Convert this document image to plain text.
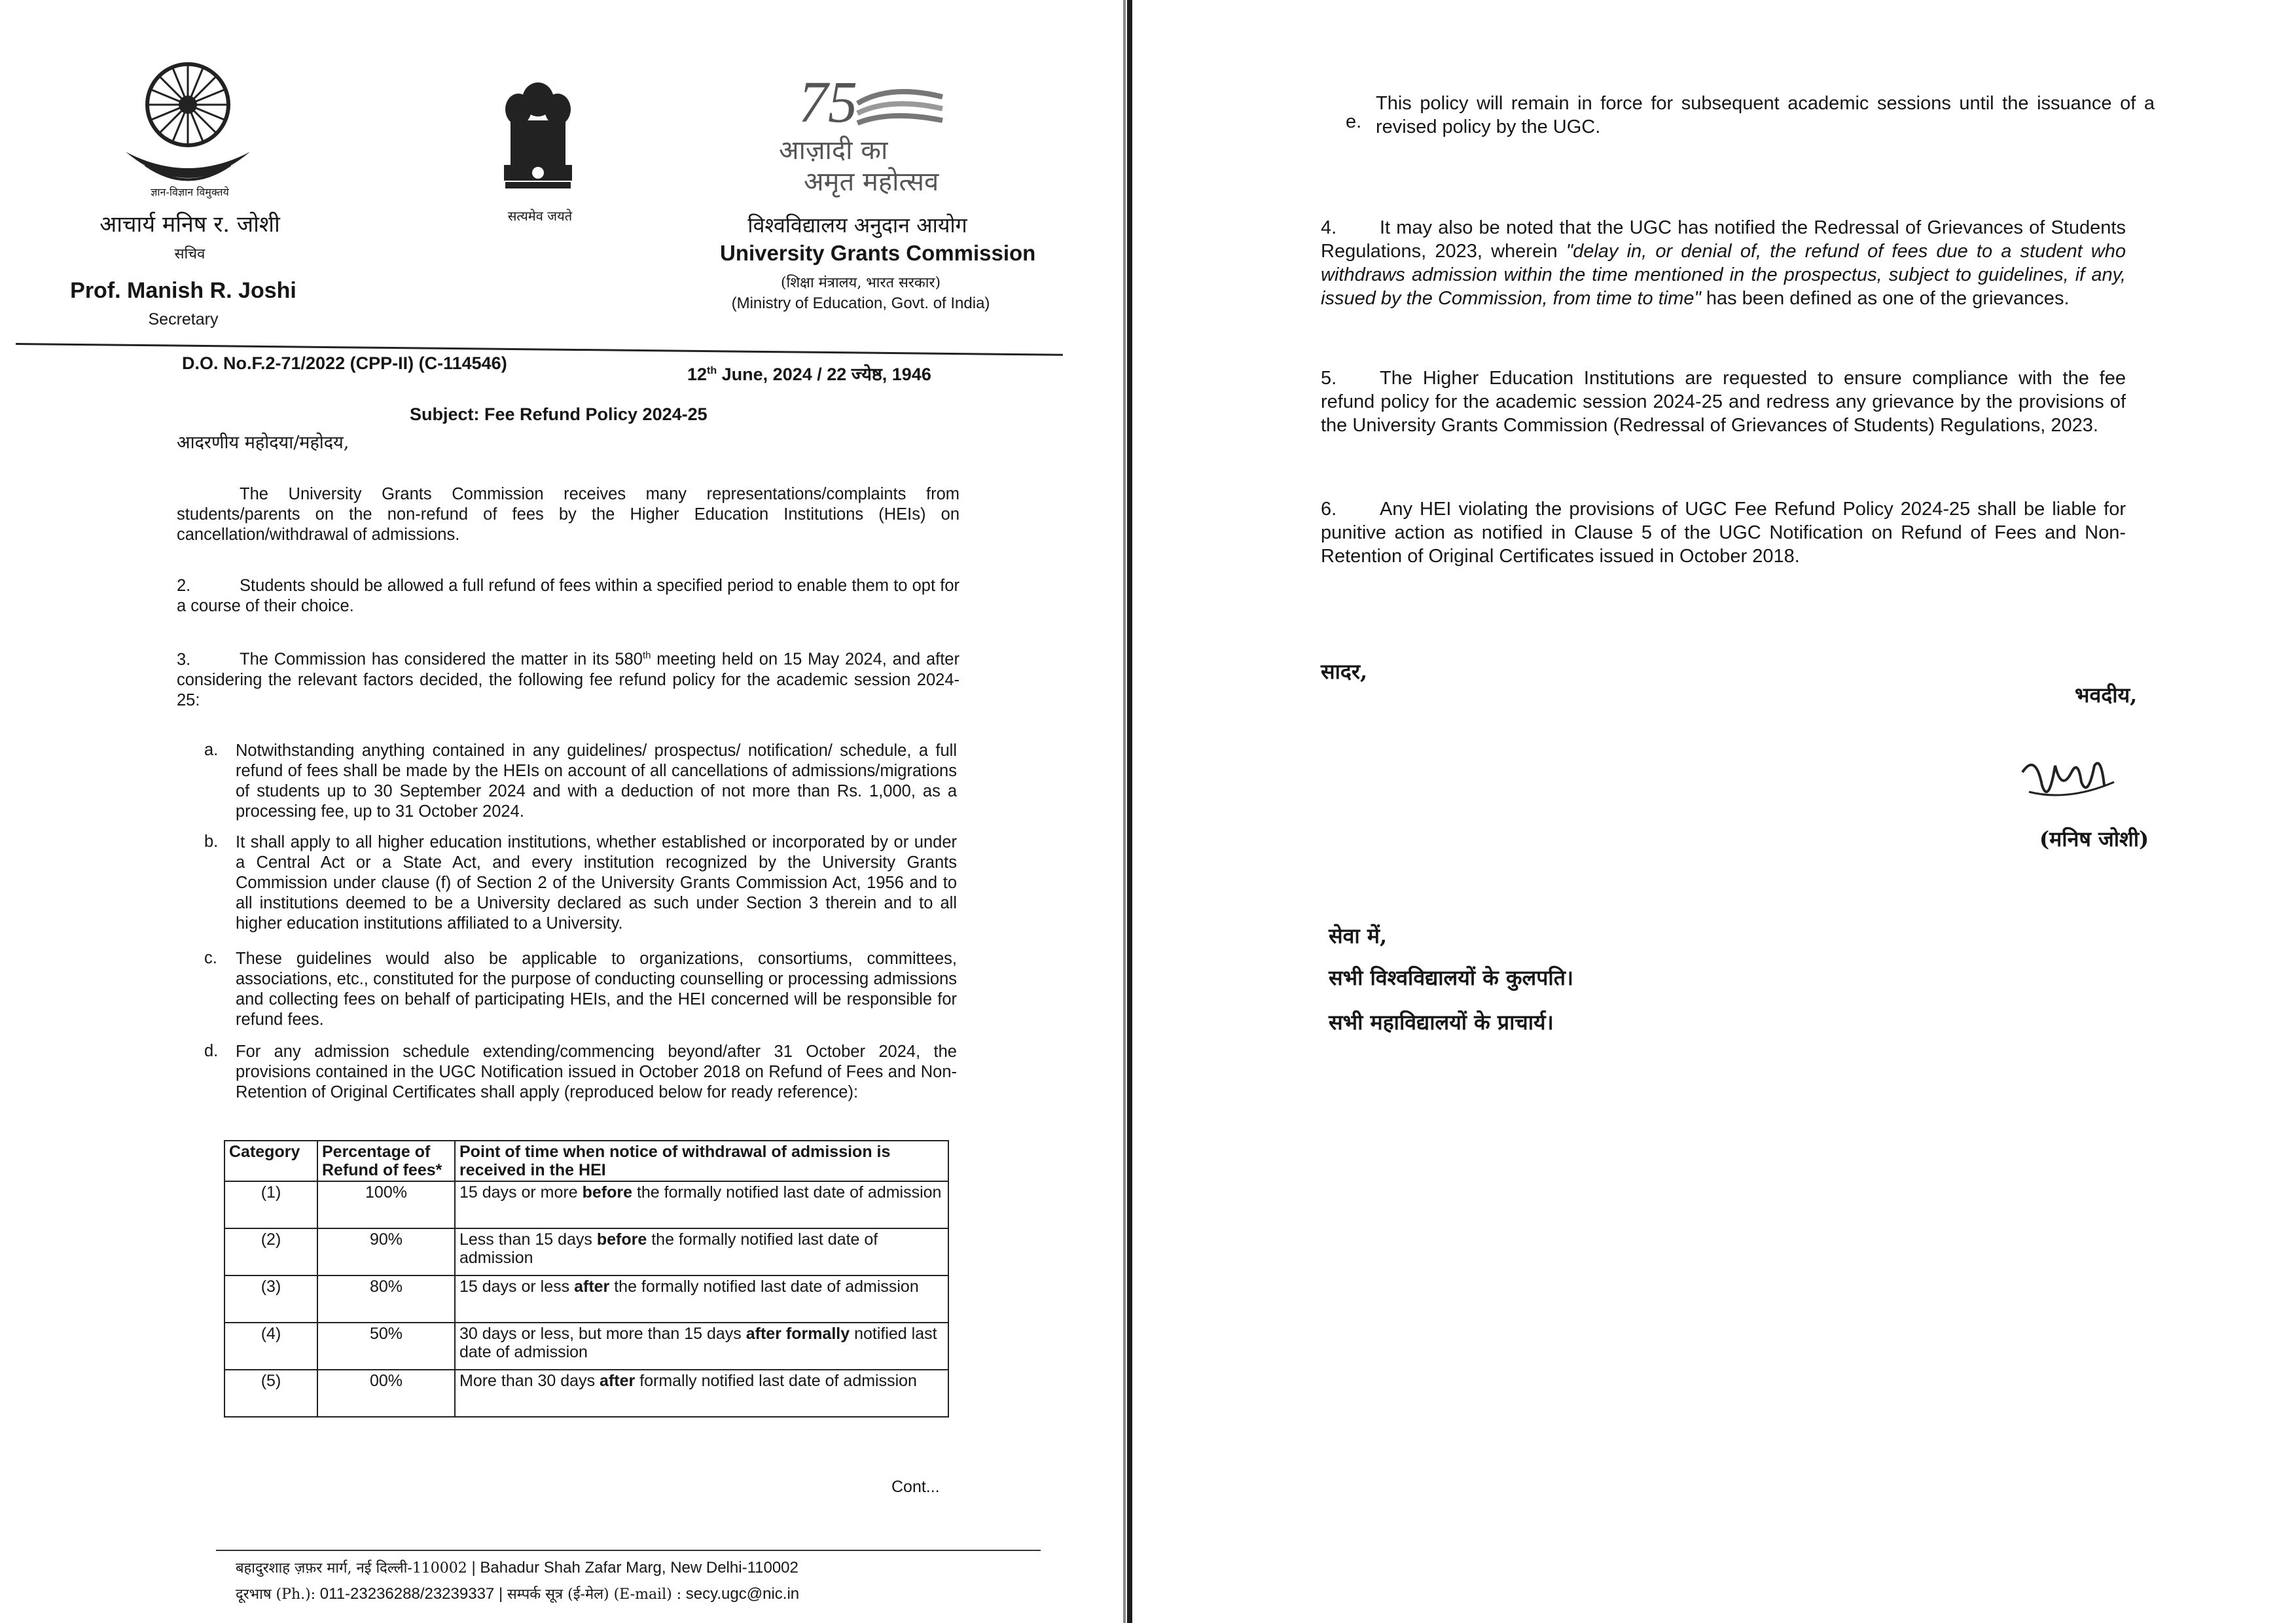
ज्ञान-विज्ञान विमुक्तये
आचार्य मनिष र. जोशी
सचिव
Prof. Manish R. Joshi
Secretary
सत्यमेव जयते
75
आज़ादी का
अमृत महोत्सव
विश्वविद्यालय अनुदान आयोग
University Grants Commission
(शिक्षा मंत्रालय, भारत सरकार)
(Ministry of Education, Govt. of India)
D.O. No.F.2-71/2022 (CPP-II) (C-114546)
12th June, 2024 / 22 ज्येष्ठ, 1946
Subject: Fee Refund Policy 2024-25
आदरणीय महोदया/महोदय,
The University Grants Commission receives many representations/complaints from students/parents on the non-refund of fees by the Higher Education Institutions (HEIs) on cancellation/withdrawal of admissions.
2.	Students should be allowed a full refund of fees within a specified period to enable them to opt for a course of their choice.
3.	The Commission has considered the matter in its 580th meeting held on 15 May 2024, and after considering the relevant factors decided, the following fee refund policy for the academic session 2024-25:
a. Notwithstanding anything contained in any guidelines/ prospectus/ notification/ schedule, a full refund of fees shall be made by the HEIs on account of all cancellations of admissions/migrations of students up to 30 September 2024 and with a deduction of not more than Rs. 1,000, as a processing fee, up to 31 October 2024.
b. It shall apply to all higher education institutions, whether established or incorporated by or under a Central Act or a State Act, and every institution recognized by the University Grants Commission under clause (f) of Section 2 of the University Grants Commission Act, 1956 and to all institutions deemed to be a University declared as such under Section 3 therein and to all higher education institutions affiliated to a University.
c. These guidelines would also be applicable to organizations, consortiums, committees, associations, etc., constituted for the purpose of conducting counselling or processing admissions and collecting fees on behalf of participating HEIs, and the HEI concerned will be responsible for refund fees.
d. For any admission schedule extending/commencing beyond/after 31 October 2024, the provisions contained in the UGC Notification issued in October 2018 on Refund of Fees and Non-Retention of Original Certificates shall apply (reproduced below for ready reference):
Category	Percentage of Refund of fees*	Point of time when notice of withdrawal of admission is received in the HEI
(1)	100%	15 days or more before the formally notified last date of admission
(2)	90%	Less than 15 days before the formally notified last date of admission
(3)	80%	15 days or less after the formally notified last date of admission
(4)	50%	30 days or less, but more than 15 days after formally notified last date of admission
(5)	00%	More than 30 days after formally notified last date of admission
Cont...
बहादुरशाह ज़फ़र मार्ग, नई दिल्ली-110002 | Bahadur Shah Zafar Marg, New Delhi-110002
दूरभाष (Ph.): 011-23236288/23239337 | सम्पर्क सूत्र (ई-मेल) (E-mail) : secy.ugc@nic.in
e.
This policy will remain in force for subsequent academic sessions until the issuance of a revised policy by the UGC.
4. It may also be noted that the UGC has notified the Redressal of Grievances of Students Regulations, 2023, wherein "delay in, or denial of, the refund of fees due to a student who withdraws admission within the time mentioned in the prospectus, subject to guidelines, if any, issued by the Commission, from time to time" has been defined as one of the grievances.
5. The Higher Education Institutions are requested to ensure compliance with the fee refund policy for the academic session 2024-25 and redress any grievance by the provisions of the University Grants Commission (Redressal of Grievances of Students) Regulations, 2023.
6. Any HEI violating the provisions of UGC Fee Refund Policy 2024-25 shall be liable for punitive action as notified in Clause 5 of the UGC Notification on Refund of Fees and Non-Retention of Original Certificates issued in October 2018.
सादर,
भवदीय,
(मनिष जोशी)
सेवा में,
सभी विश्वविद्यालयों के कुलपति।
सभी महाविद्यालयों के प्राचार्य।
